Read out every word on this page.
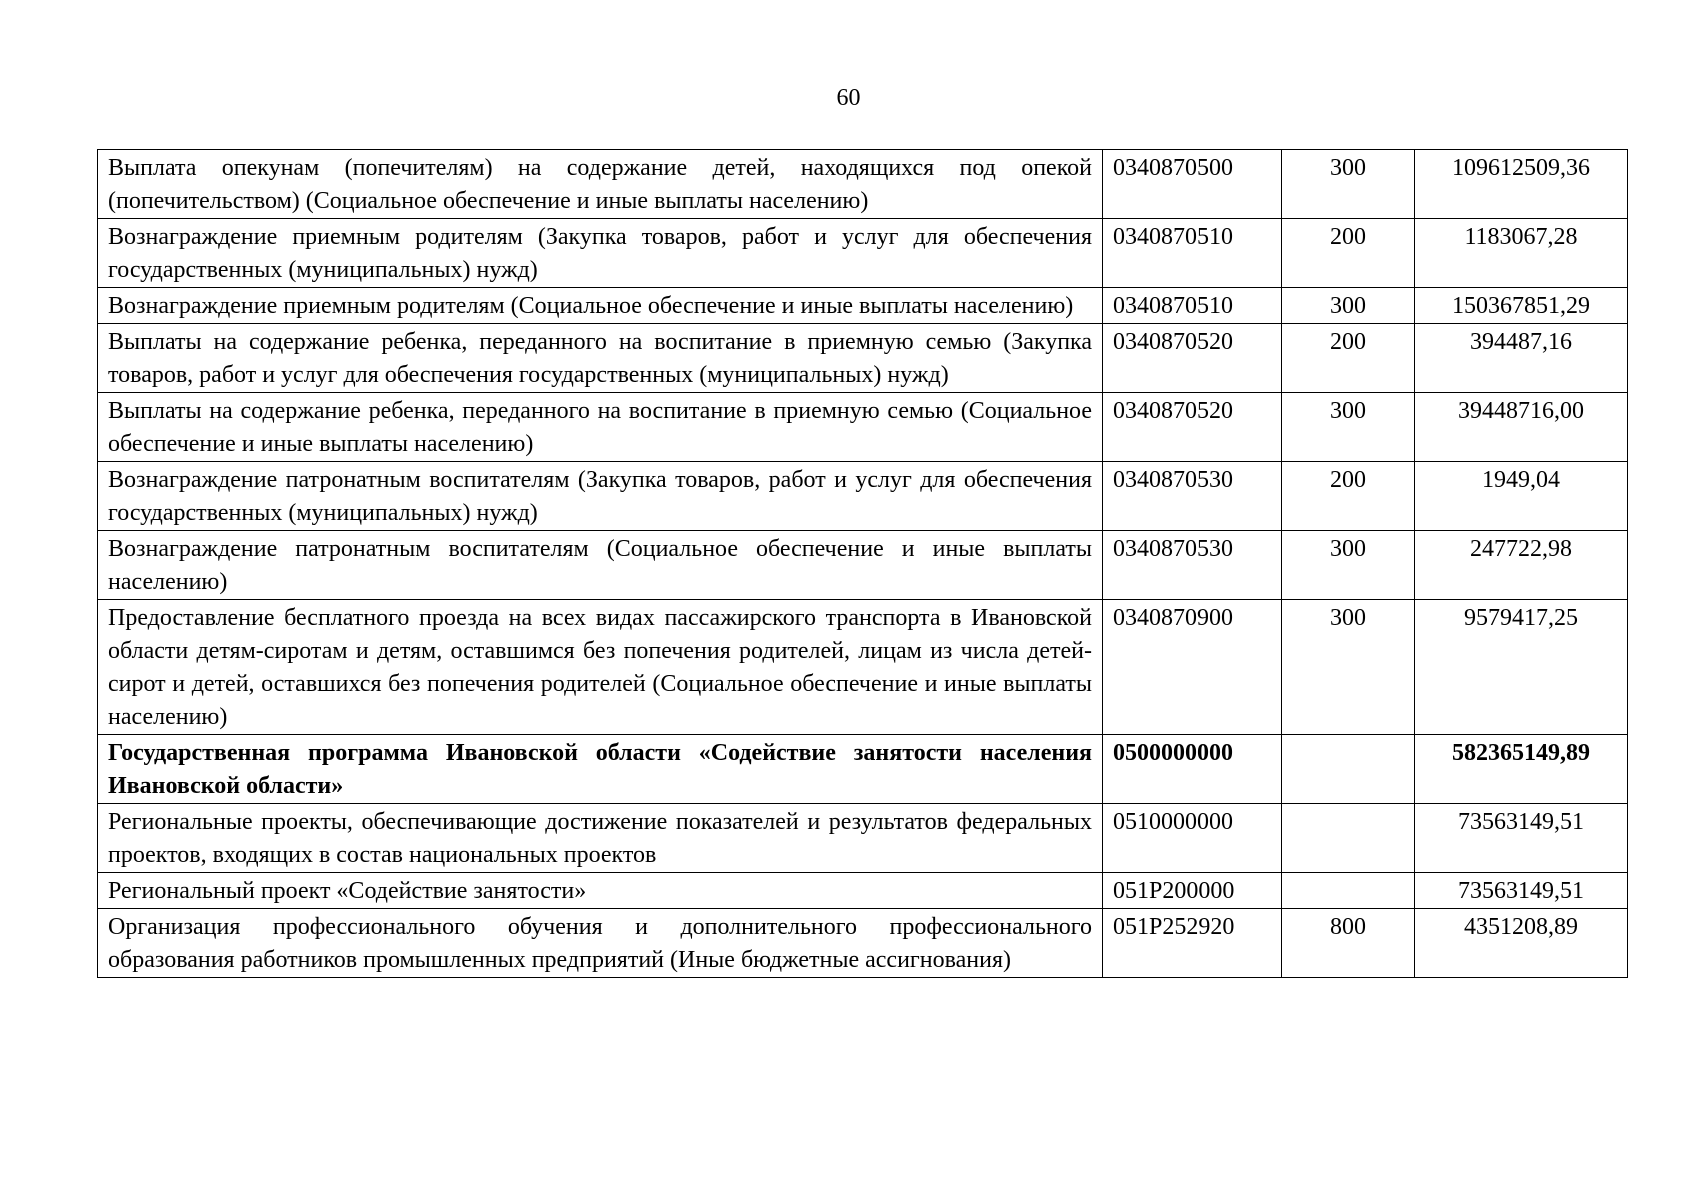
60
Выплата опекунам (попечителям) на содержание детей, находящихся под опекой (попечительством) (Социальное обеспечение и иные выплаты населению)	0340870500	300	109612509,36
Вознаграждение приемным родителям (Закупка товаров, работ и услуг для обеспечения государственных (муниципальных) нужд)	0340870510	200	1183067,28
Вознаграждение приемным родителям (Социальное обеспечение и иные выплаты населению)	0340870510	300	150367851,29
Выплаты на содержание ребенка, переданного на воспитание в приемную семью (Закупка товаров, работ и услуг для обеспечения государственных (муниципальных) нужд)	0340870520	200	394487,16
Выплаты на содержание ребенка, переданного на воспитание в приемную семью (Социальное обеспечение и иные выплаты населению)	0340870520	300	39448716,00
Вознаграждение патронатным воспитателям (Закупка товаров, работ и услуг для обеспечения государственных (муниципальных) нужд)	0340870530	200	1949,04
Вознаграждение патронатным воспитателям (Социальное обеспечение и иные выплаты населению)	0340870530	300	247722,98
Предоставление бесплатного проезда на всех видах пассажирского транспорта в Ивановской области детям-сиротам и детям, оставшимся без попечения родителей, лицам из числа детей-сирот и детей, оставшихся без попечения родителей (Социальное обеспечение и иные выплаты населению)	0340870900	300	9579417,25
Государственная программа Ивановской области «Содействие занятости населения Ивановской области»	0500000000		582365149,89
Региональные проекты, обеспечивающие достижение показателей и результатов федеральных проектов, входящих в состав национальных проектов	0510000000		73563149,51
Региональный проект «Содействие занятости»	051P200000		73563149,51
Организация профессионального обучения и дополнительного профессионального образования работников промышленных предприятий (Иные бюджетные ассигнования)	051P252920	800	4351208,89
